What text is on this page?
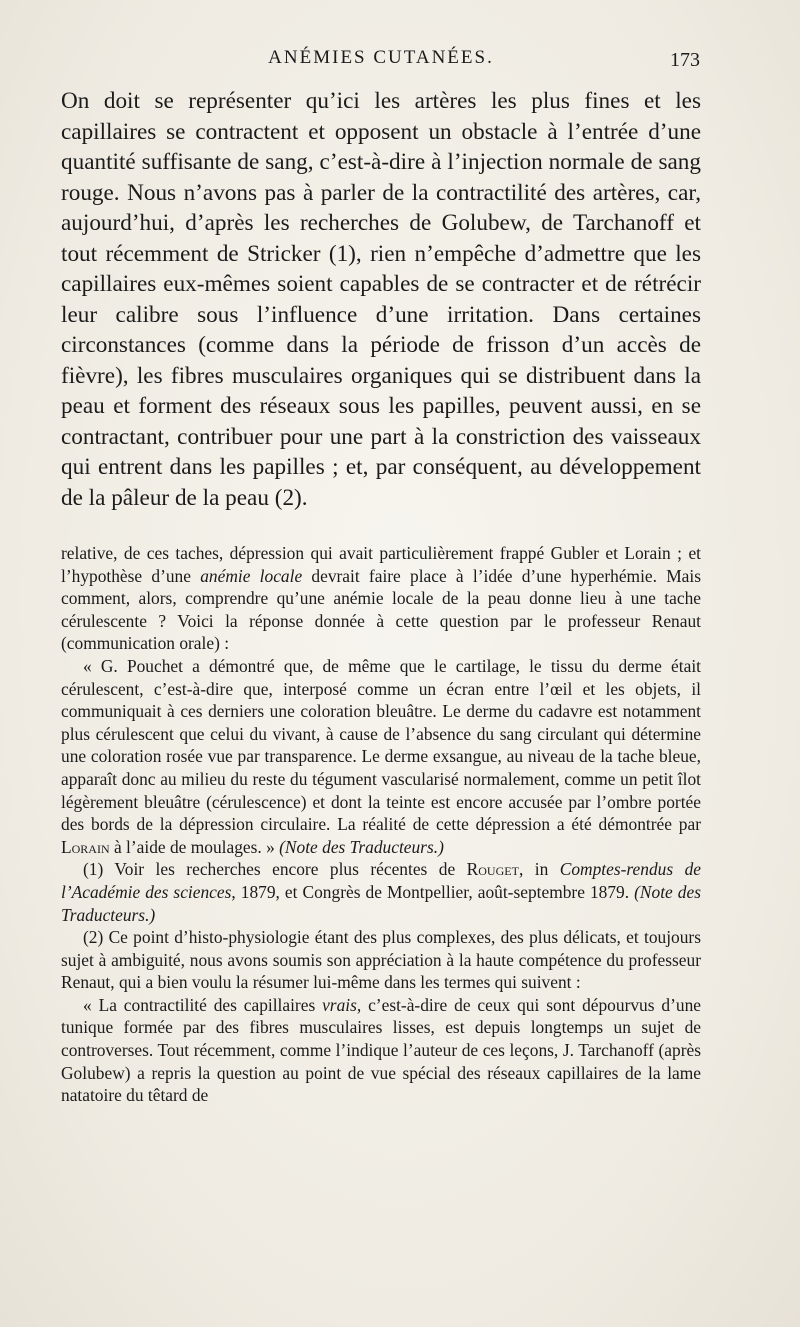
ANÉMIES CUTANÉES.	173

On doit se représenter qu’ici les artères les plus fines et les capillaires se contractent et opposent un obstacle à l’entrée d’une quantité suffisante de sang, c’est-à-dire à l’injection normale de sang rouge. Nous n’avons pas à parler de la contractilité des artères, car, aujourd’hui, d’après les recherches de Golubew, de Tarchanoff et tout récemment de Stricker (1), rien n’empêche d’admettre que les capillaires eux-mêmes soient capables de se contracter et de rétrécir leur calibre sous l’influence d’une irritation. Dans certaines circonstances (comme dans la période de frisson d’un accès de fièvre), les fibres musculaires organiques qui se distribuent dans la peau et forment des réseaux sous les papilles, peuvent aussi, en se contractant, contribuer pour une part à la constriction des vaisseaux qui entrent dans les papilles ; et, par conséquent, au développement de la pâleur de la peau (2).

relative, de ces taches, dépression qui avait particulièrement frappé Gubler et Lorain ; et l’hypothèse d’une anémie locale devrait faire place à l’idée d’une hyperhémie. Mais comment, alors, comprendre qu’une anémie locale de la peau donne lieu à une tache cérulescente ? Voici la réponse donnée à cette question par le professeur Renaut (communication orale) :

« G. Pouchet a démontré que, de même que le cartilage, le tissu du derme était cérulescent, c’est-à-dire que, interposé comme un écran entre l’œil et les objets, il communiquait à ces derniers une coloration bleuâtre. Le derme du cadavre est notamment plus cérulescent que celui du vivant, à cause de l’absence du sang circulant qui détermine une coloration rosée vue par transparence. Le derme exsangue, au niveau de la tache bleue, apparaît donc au milieu du reste du tégument vascularisé normalement, comme un petit îlot légèrement bleuâtre (cérulescence) et dont la teinte est encore accusée par l’ombre portée des bords de la dépression circulaire. La réalité de cette dépression a été démontrée par Lorain à l’aide de moulages. » (Note des Traducteurs.)

(1) Voir les recherches encore plus récentes de Rouget, in Comptes-rendus de l’Académie des sciences, 1879, et Congrès de Montpellier, août-septembre 1879. (Note des Traducteurs.)

(2) Ce point d’histo-physiologie étant des plus complexes, des plus délicats, et toujours sujet à ambiguité, nous avons soumis son appréciation à la haute compétence du professeur Renaut, qui a bien voulu la résumer lui-même dans les termes qui suivent :

« La contractilité des capillaires vrais, c’est-à-dire de ceux qui sont dépourvus d’une tunique formée par des fibres musculaires lisses, est depuis longtemps un sujet de controverses. Tout récemment, comme l’indique l’auteur de ces leçons, J. Tarchanoff (après Golubew) a repris la question au point de vue spécial des réseaux capillaires de la lame natatoire du têtard de
